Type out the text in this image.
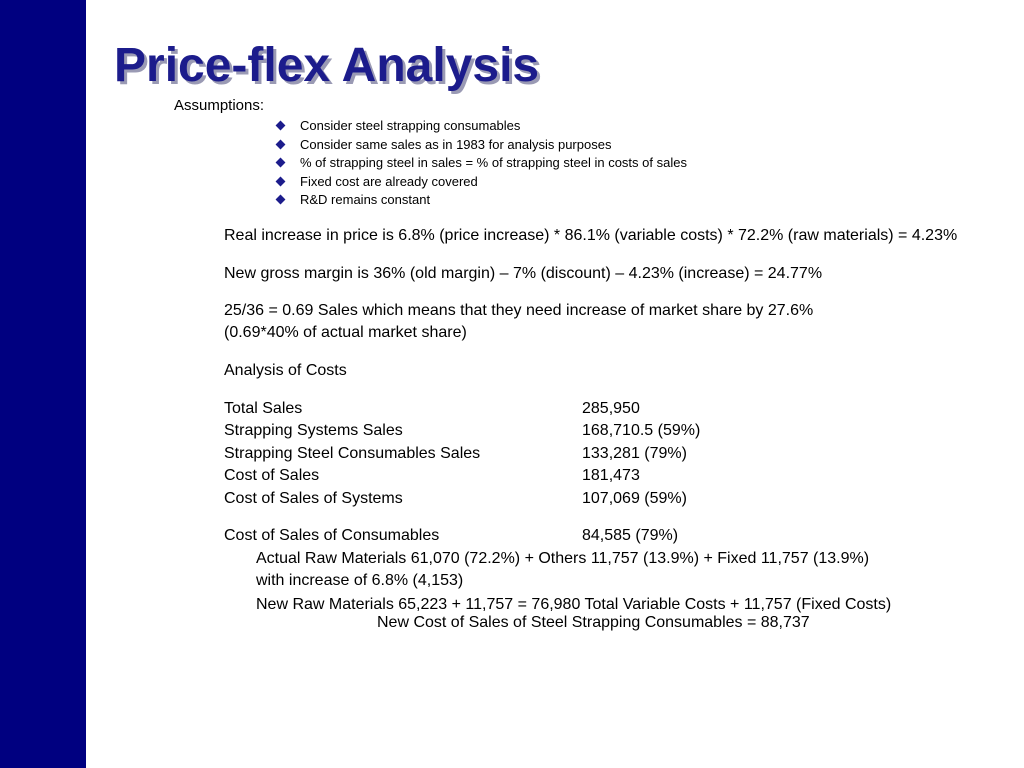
Price-flex Analysis
Assumptions:
Consider steel strapping consumables
Consider same sales as in 1983 for analysis purposes
% of strapping steel in sales = % of strapping steel in costs of sales
Fixed cost are already covered
R&D remains constant

Real increase in price is 6.8% (price increase) * 86.1% (variable costs) * 72.2% (raw materials) = 4.23%

New gross margin is 36% (old margin) – 7% (discount) – 4.23% (increase) = 24.77%

25/36 = 0.69 Sales which means that they need increase of market share by 27.6%

(0.69*40% of actual market share)

Analysis of Costs

Total Sales	285,950
Strapping Systems Sales	168,710.5 (59%)
Strapping Steel Consumables Sales	133,281 (79%)
Cost of Sales	181,473
Cost of Sales of Systems	107,069 (59%)
Cost of Sales of Consumables	84,585 (79%)

Actual Raw Materials 61,070 (72.2%) + Others 11,757 (13.9%) + Fixed 11,757 (13.9%)

with increase of 6.8% (4,153)

New Raw Materials 65,223 + 11,757 = 76,980 Total Variable Costs + 11,757 (Fixed Costs)

New Cost of Sales of Steel Strapping Consumables = 88,737
